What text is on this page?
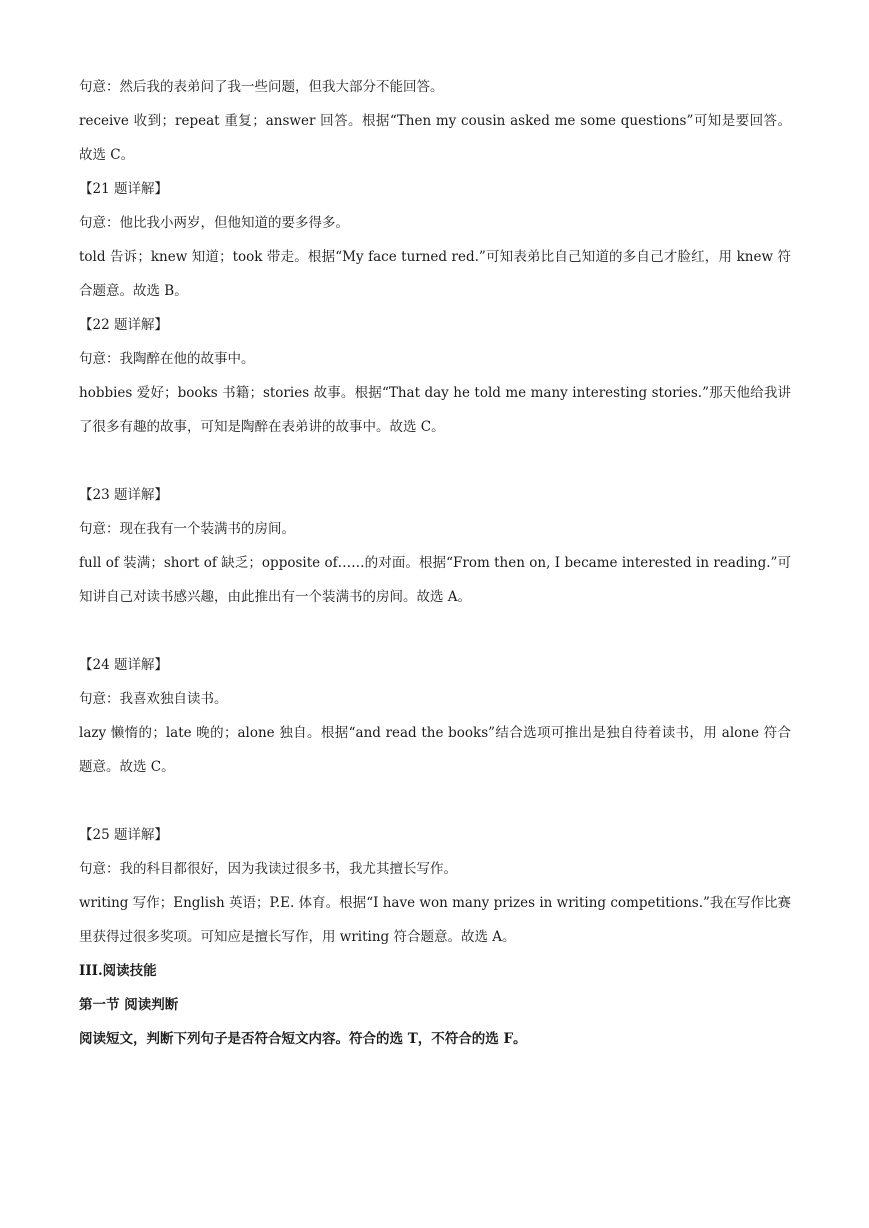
句意：然后我的表弟问了我一些问题，但我大部分不能回答。
receive 收到；repeat 重复；answer 回答。根据“Then my cousin asked me some questions”可知是要回答。故选 C。
【21 题详解】
句意：他比我小两岁，但他知道的要多得多。
told 告诉；knew 知道；took 带走。根据“My face turned red.”可知表弟比自己知道的多自己才脸红，用 knew 符合题意。故选 B。
【22 题详解】
句意：我陶醉在他的故事中。
hobbies 爱好；books 书籍；stories 故事。根据“That day he told me many interesting stories.”那天他给我讲了很多有趣的故事，可知是陶醉在表弟讲的故事中。故选 C。
【23 题详解】
句意：现在我有一个装满书的房间。
full of 装满；short of 缺乏；opposite of……的对面。根据“From then on, I became interested in reading.”可知讲自己对读书感兴趣，由此推出有一个装满书的房间。故选 A。
【24 题详解】
句意：我喜欢独自读书。
lazy 懒惰的；late 晚的；alone 独自。根据“and read the books”结合选项可推出是独自待着读书，用 alone 符合题意。故选 C。
【25 题详解】
句意：我的科目都很好，因为我读过很多书，我尤其擅长写作。
writing 写作；English 英语；P.E. 体育。根据“I have won many prizes in writing competitions.”我在写作比赛里获得过很多奖项。可知应是擅长写作，用 writing 符合题意。故选 A。
III.阅读技能
第一节 阅读判断
阅读短文，判断下列句子是否符合短文内容。符合的选 T，不符合的选 F。
